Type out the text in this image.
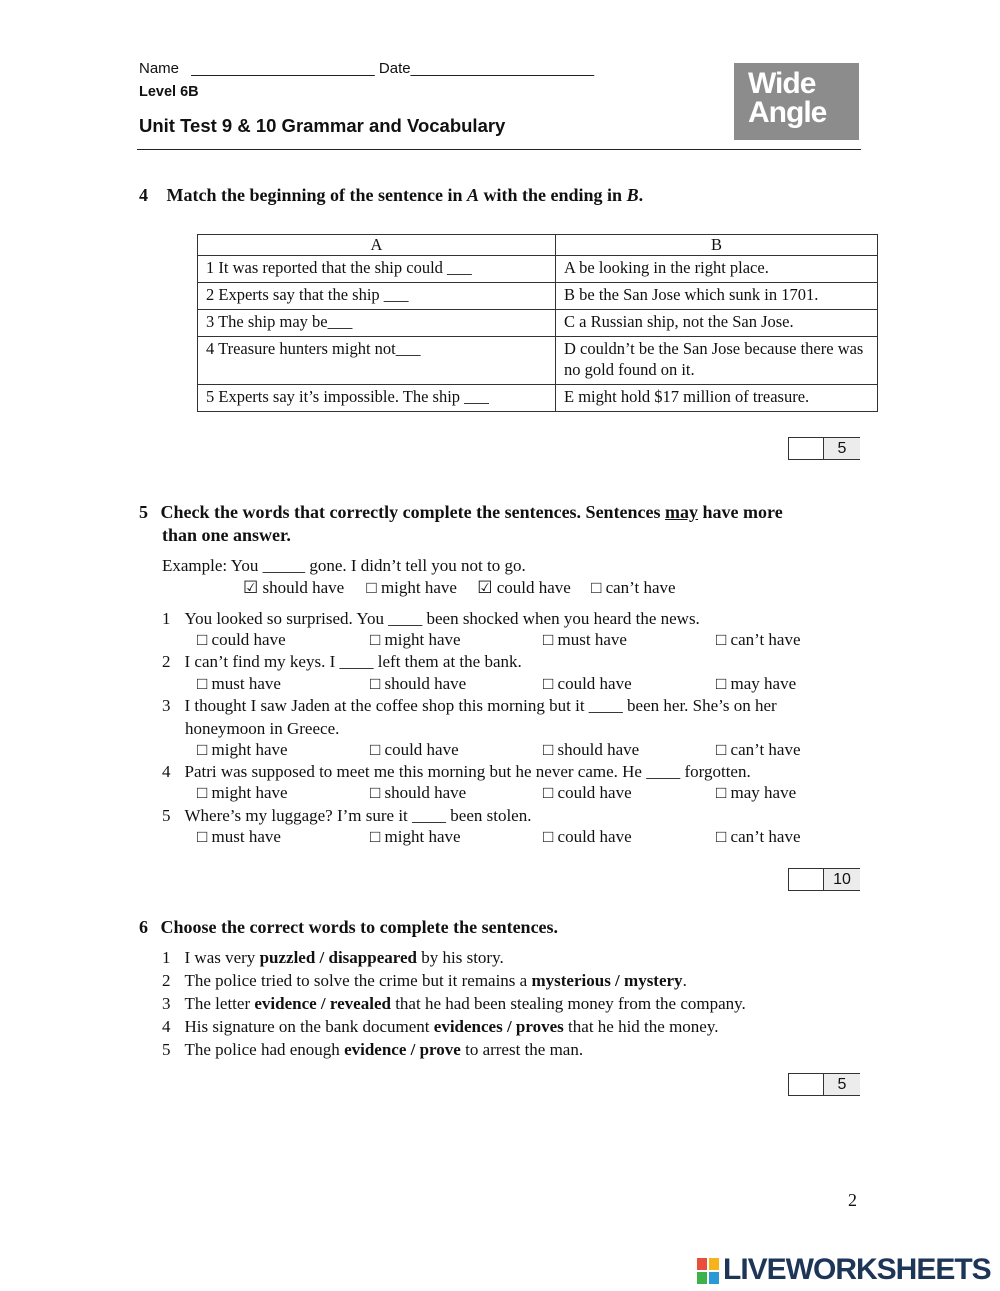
Name ______________________ Date______________________
Level 6B
Unit Test 9 & 10 Grammar and Vocabulary
Wide
Angle
4 Match the beginning of the sentence in A with the ending in B.
A	B
1 It was reported that the ship could ___	A be looking in the right place.
2 Experts say that the ship ___	B be the San Jose which sunk in 1701.
3 The ship may be___	C a Russian ship, not the San Jose.
4 Treasure hunters might not___	D couldn’t be the San Jose because there was no gold found on it.
5 Experts say it’s impossible. The ship ___	E might hold $17 million of treasure.
5
5 Check the words that correctly complete the sentences. Sentences may have more
than one answer.
Example: You _____ gone. I didn’t tell you not to go.
☑ should have □ might have ☑ could have □ can’t have
1 You looked so surprised. You ____ been shocked when you heard the news.
□ could have	□ might have	□ must have	□ can’t have
2 I can’t find my keys. I ____ left them at the bank.
□ must have	□ should have	□ could have	□ may have
3 I thought I saw Jaden at the coffee shop this morning but it ____ been her. She’s on her
honeymoon in Greece.
□ might have	□ could have	□ should have	□ can’t have
4 Patri was supposed to meet me this morning but he never came. He ____ forgotten.
□ might have	□ should have	□ could have	□ may have
5 Where’s my luggage? I’m sure it ____ been stolen.
□ must have	□ might have	□ could have	□ can’t have
10
6 Choose the correct words to complete the sentences.
1 I was very puzzled / disappeared by his story.
2 The police tried to solve the crime but it remains a mysterious / mystery.
3 The letter evidence / revealed that he had been stealing money from the company.
4 His signature on the bank document evidences / proves that he hid the money.
5 The police had enough evidence / prove to arrest the man.
5
2
LIVEWORKSHEETS
